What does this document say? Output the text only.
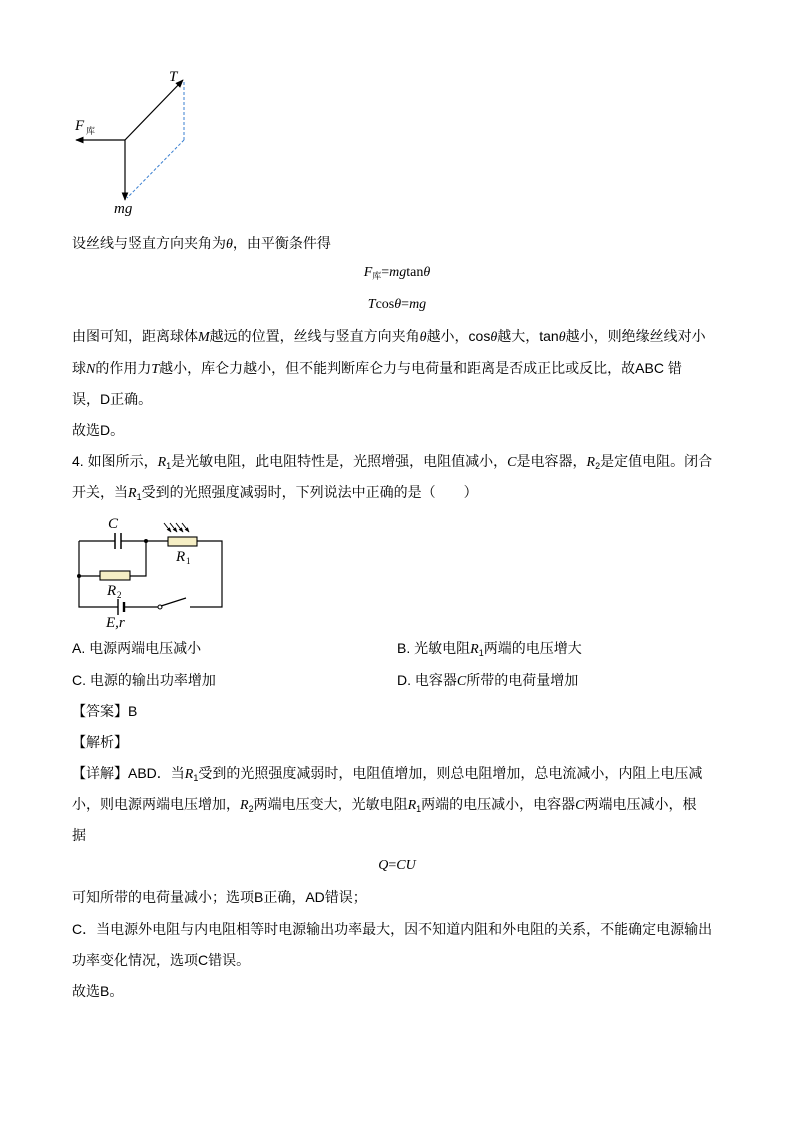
T
F 库
mg
设丝线与竖直方向夹角为θ，由平衡条件得
$F_库=mgtan\theta$
Tcosθ=mg
由图可知，距离球体M越远的位置，丝线与竖直方向夹角θ越小，cosθ越大，tanθ越小，则绝缘丝线对小
球N的作用力T越小，库仑力越小，但不能判断库仑力与电荷量和距离是否成正比或反比，故ABC 错
误，D正确。
故选D。
4. 如图所示，$R_1$是光敏电阻，此电阻特性是，光照增强，电阻值减小，C是电容器，$R_2$是定值电阻。闭合
开关，当$R_1$受到的光照强度减弱时，下列说法中正确的是（　　）
C
R 1
R 2
E,r
A. 电源两端电压减小	B. 光敏电阻$R_1$两端的电压增大
C. 电源的输出功率增加	D. 电容器C所带的电荷量增加
【答案】B
【解析】
【详解】ABD．当$R_1$受到的光照强度减弱时，电阻值增加，则总电阻增加，总电流减小，内阻上电压减
小，则电源两端电压增加，$R_2$两端电压变大，光敏电阻$R_1$两端的电压减小，电容器C两端电压减小，根
据
Q=CU
可知所带的电荷量减小；选项B正确，AD错误；
C．当电源外电阻与内电阻相等时电源输出功率最大，因不知道内阻和外电阻的关系，不能确定电源输出
功率变化情况，选项C错误。
故选B。
